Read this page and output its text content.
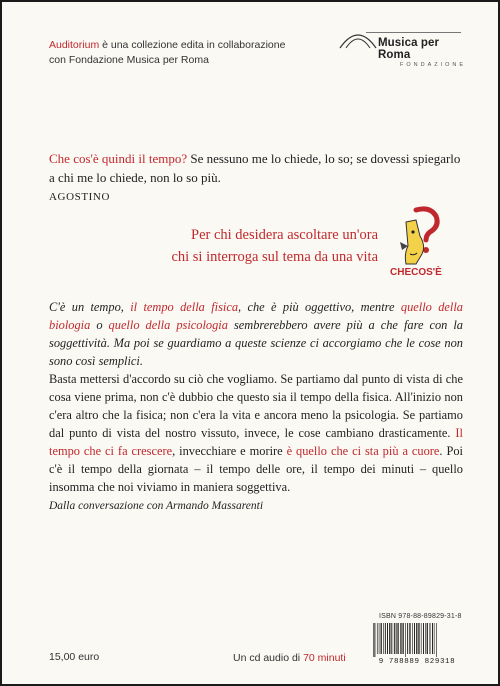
Auditorium è una collezione edita in collaborazione
con Fondazione Musica per Roma
Musica per Roma
FONDAZIONE
Che cos'è quindi il tempo? Se nessuno me lo chiede, lo so; se dovessi spiegarlo a chi me lo chiede, non lo so più.
AGOSTINO
Per chi desidera ascoltare un'ora
chi si interroga sul tema da una vita
CHECOS'È

C'è un tempo, il tempo della fisica, che è più oggettivo, mentre quello della biologia o quello della psicologia sembrerebbero avere più a che fare con la soggettività. Ma poi se guardiamo a queste scienze ci accorgiamo che le cose non sono così semplici.

Basta mettersi d'accordo su ciò che vogliamo. Se partiamo dal punto di vista di che cosa viene prima, non c'è dubbio che questo sia il tempo della fisica. All'inizio non c'era altro che la fisica; non c'era la vita e ancora meno la psicologia. Se partiamo dal punto di vista del nostro vissuto, invece, le cose cambiano drasticamente. Il tempo che ci fa crescere, invecchiare e morire è quello che ci sta più a cuore. Poi c'è il tempo della giornata – il tempo delle ore, il tempo dei minuti – quello insomma che noi viviamo in maniera soggettiva.

Dalla conversazione con Armando Massarenti
ISBN 978-88-89829-31-8
9 788889 829318
15,00 euro	Un cd audio di 70 minuti
